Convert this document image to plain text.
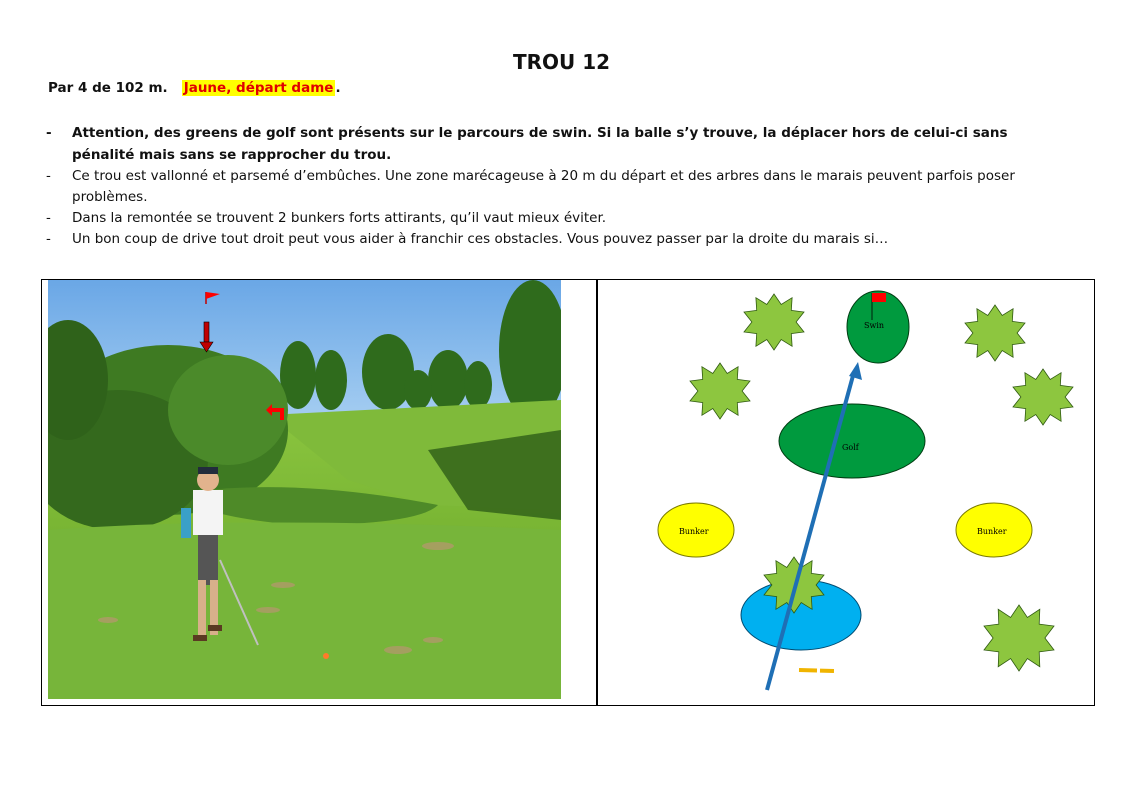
TROU 12
Par 4 de 102 m. Jaune, départ dame .
- Attention, des greens de golf sont présents sur le parcours de swin. Si la balle s’y trouve, la déplacer hors de celui-ci sans pénalité mais sans se rapprocher du trou.
- Ce trou est vallonné et parsemé d’embûches. Une zone marécageuse à 20 m du départ et des arbres dans le marais peuvent parfois poser problèmes.
- Dans la remontée se trouvent 2 bunkers forts attirants, qu’il vaut mieux éviter.
- Un bon coup de drive tout droit peut vous aider à franchir ces obstacles. Vous pouvez passer par la droite du marais si…
Swin
Golf
Bunker	Bunker
